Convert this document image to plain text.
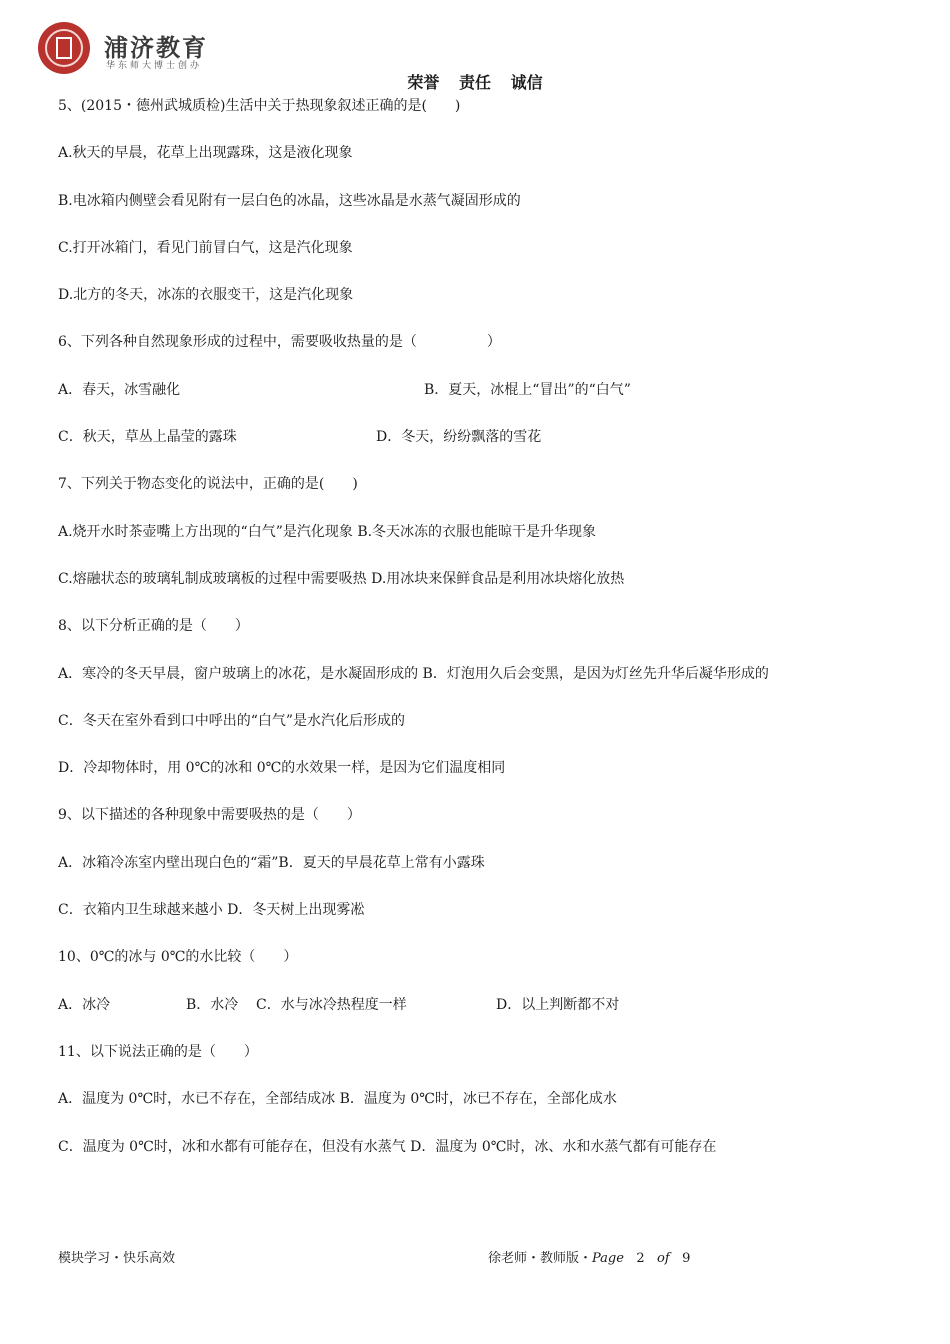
浦济教育
华东师大博士创办
荣誉 责任 诚信
5、(2015・德州武城质检)生活中关于热现象叙述正确的是(　　)
A.秋天的早晨，花草上出现露珠，这是液化现象
B.电冰箱内侧壁会看见附有一层白色的冰晶，这些冰晶是水蒸气凝固形成的
C.打开冰箱门，看见门前冒白气，这是汽化现象
D.北方的冬天，冰冻的衣服变干，这是汽化现象
6、下列各种自然现象形成的过程中，需要吸收热量的是（　　　　　）
A．春天，冰雪融化	B．夏天，冰棍上“冒出”的“白气”
C．秋天，草丛上晶莹的露珠	D．冬天，纷纷飘落的雪花
7、下列关于物态变化的说法中，正确的是(　　)
A.烧开水时茶壶嘴上方出现的“白气”是汽化现象 B.冬天冰冻的衣服也能晾干是升华现象
C.熔融状态的玻璃轧制成玻璃板的过程中需要吸热 D.用冰块来保鲜食品是利用冰块熔化放热
8、以下分析正确的是（　　）
A．寒冷的冬天早晨，窗户玻璃上的冰花，是水凝固形成的 B．灯泡用久后会变黑，是因为灯丝先升华后凝华形成的
C．冬天在室外看到口中呼出的“白气”是水汽化后形成的
D．冷却物体时，用 0℃的冰和 0℃的水效果一样，是因为它们温度相同
9、以下描述的各种现象中需要吸热的是（　　）
A．冰箱冷冻室内壁出现白色的“霜”B．夏天的早晨花草上常有小露珠
C．衣箱内卫生球越来越小 D．冬天树上出现雾凇
10、0℃的冰与 0℃的水比较（　　）
A．冰冷	B．水冷 C．水与冰冷热程度一样	D．以上判断都不对
11、以下说法正确的是（　　）
A．温度为 0℃时，水已不存在，全部结成冰 B．温度为 0℃时，冰已不存在，全部化成水
C．温度为 0℃时，冰和水都有可能存在，但没有水蒸气 D．温度为 0℃时，冰、水和水蒸气都有可能存在
模块学习・快乐高效	徐老师・教师版・Page 2 of 9
